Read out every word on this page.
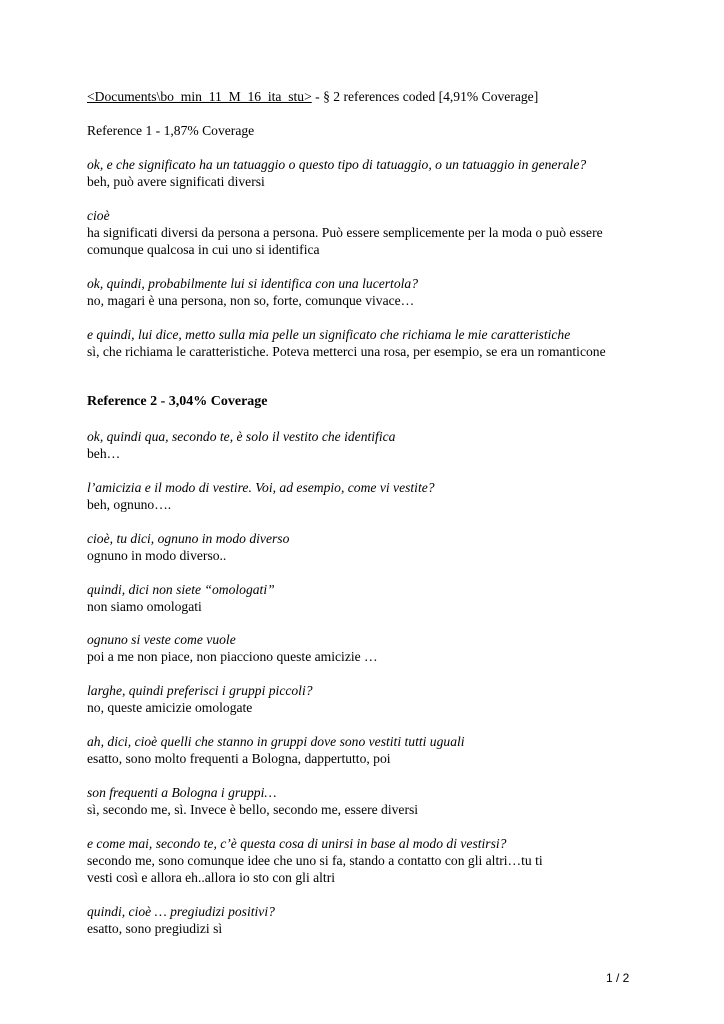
<Documents\bo_min_11_M_16_ita_stu> - § 2 references coded [4,91% Coverage]
Reference 1 - 1,87% Coverage
ok, e che significato ha un tatuaggio o questo tipo di tatuaggio, o un tatuaggio in generale?
beh, può avere significati diversi
cioè
ha significati diversi da persona a persona. Può essere semplicemente per la moda o può essere
comunque qualcosa in cui uno si identifica
ok, quindi, probabilmente lui si identifica con una lucertola?
no, magari è una persona, non so, forte, comunque vivace…
e quindi, lui dice, metto sulla mia pelle un significato che richiama le mie caratteristiche
sì, che richiama le caratteristiche. Poteva metterci una rosa, per esempio, se era un romanticone
Reference 2 - 3,04% Coverage
ok, quindi qua, secondo te, è solo il vestito che identifica
beh…
l’amicizia e il modo di vestire. Voi, ad esempio, come vi vestite?
beh, ognuno….
cioè, tu dici, ognuno in modo diverso
ognuno in modo diverso..
quindi, dici non siete “omologati”
non siamo omologati
ognuno si veste come vuole
poi a me non piace, non piacciono queste amicizie …
larghe, quindi preferisci i gruppi piccoli?
no, queste amicizie omologate
ah, dici, cioè quelli che stanno in gruppi dove sono vestiti tutti uguali
esatto, sono molto frequenti a Bologna, dappertutto, poi
son frequenti a Bologna i gruppi…
sì, secondo me, sì. Invece è bello, secondo me, essere diversi
e come mai, secondo te, c’è questa cosa di unirsi in base al modo di vestirsi?
secondo me, sono comunque idee che uno si fa, stando a contatto con gli altri…tu ti
vesti così e allora eh..allora io sto con gli altri
quindi, cioè … pregiudizi positivi?
esatto, sono pregiudizi sì
1 / 2
